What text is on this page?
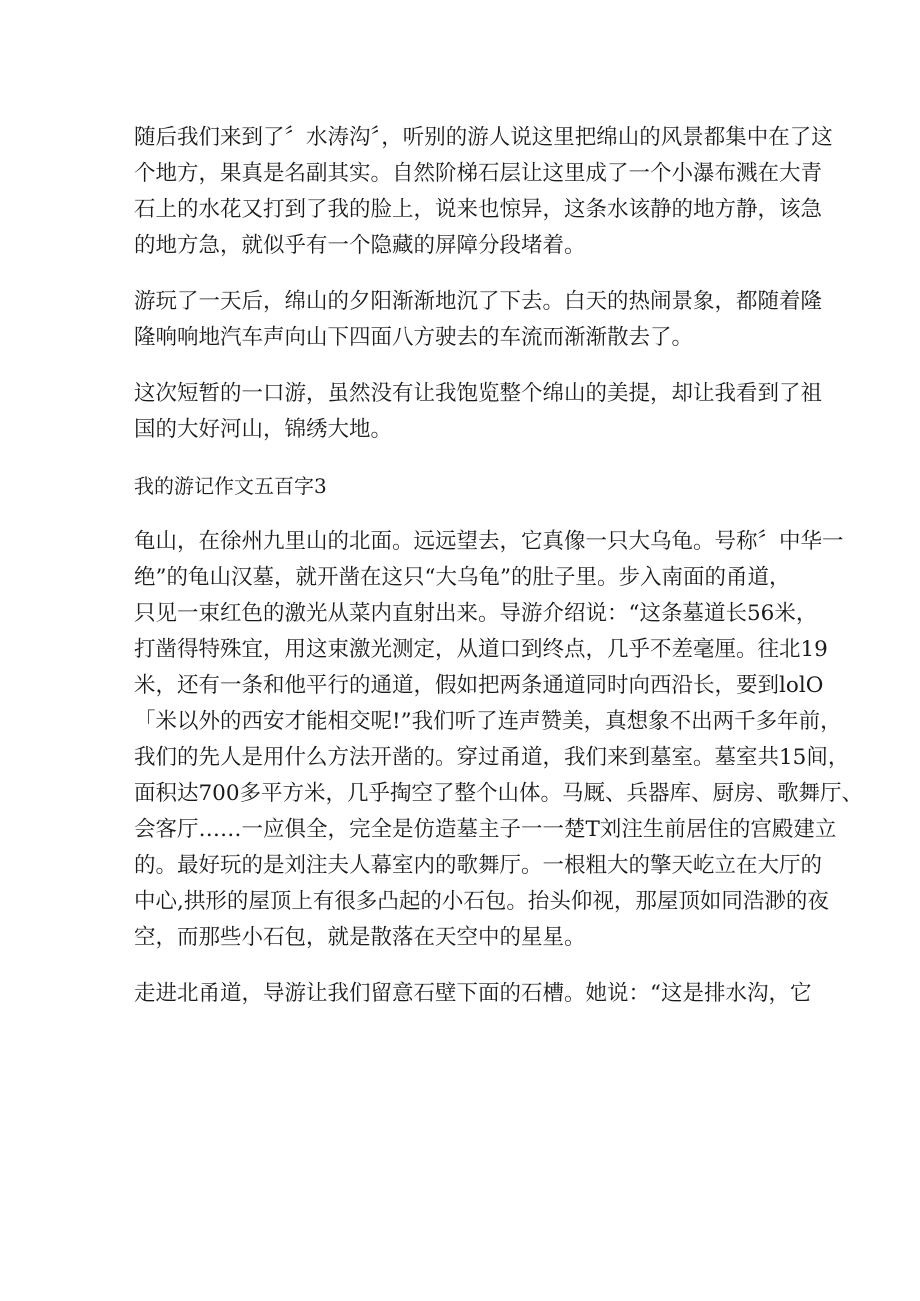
随后我们来到了〞水涛沟〞，听别的游人说这里把绵山的风景都集中在了这
个地方，果真是名副其实。自然阶梯石层让这里成了一个小瀑布溅在大青
石上的水花又打到了我的脸上，说来也惊异，这条水该静的地方静，该急
的地方急，就似乎有一个隐藏的屏障分段堵着。
游玩了一天后，绵山的夕阳渐渐地沉了下去。白天的热闹景象，都随着隆
隆响响地汽车声向山下四面八方驶去的车流而渐渐散去了。
这次短暂的一口游，虽然没有让我饱览整个绵山的美提，却让我看到了祖
国的大好河山，锦绣大地。
我的游记作文五百字3
龟山，在徐州九里山的北面。远远望去，它真像一只大乌龟。号称〞中华一
绝”的龟山汉墓，就开凿在这只“大乌龟”的肚子里。步入南面的甬道，
只见一束红色的激光从菜内直射出来。导游介绍说：“这条墓道长56米，
打凿得特殊宜，用这束激光测定，从道口到终点，几乎不差毫厘。往北19
米，还有一条和他平行的通道，假如把两条通道同时向西沿长，要到lolO
「米以外的西安才能相交呢!”我们听了连声赞美，真想象不出两千多年前，
我们的先人是用什么方法开凿的。穿过甬道，我们来到墓室。墓室共15间，
面积达700多平方米，几乎掏空了整个山体。马厩、兵器库、厨房、歌舞厅、
会客厅……一应俱全，完全是仿造墓主子一一楚T刘注生前居住的宫殿建立
的。最好玩的是刘注夫人幕室内的歌舞厅。一根粗大的擎天屹立在大厅的
中心,拱形的屋顶上有很多凸起的小石包。抬头仰视，那屋顶如同浩渺的夜
空，而那些小石包，就是散落在天空中的星星。
走进北甬道，导游让我们留意石壁下面的石槽。她说：“这是排水沟，它
